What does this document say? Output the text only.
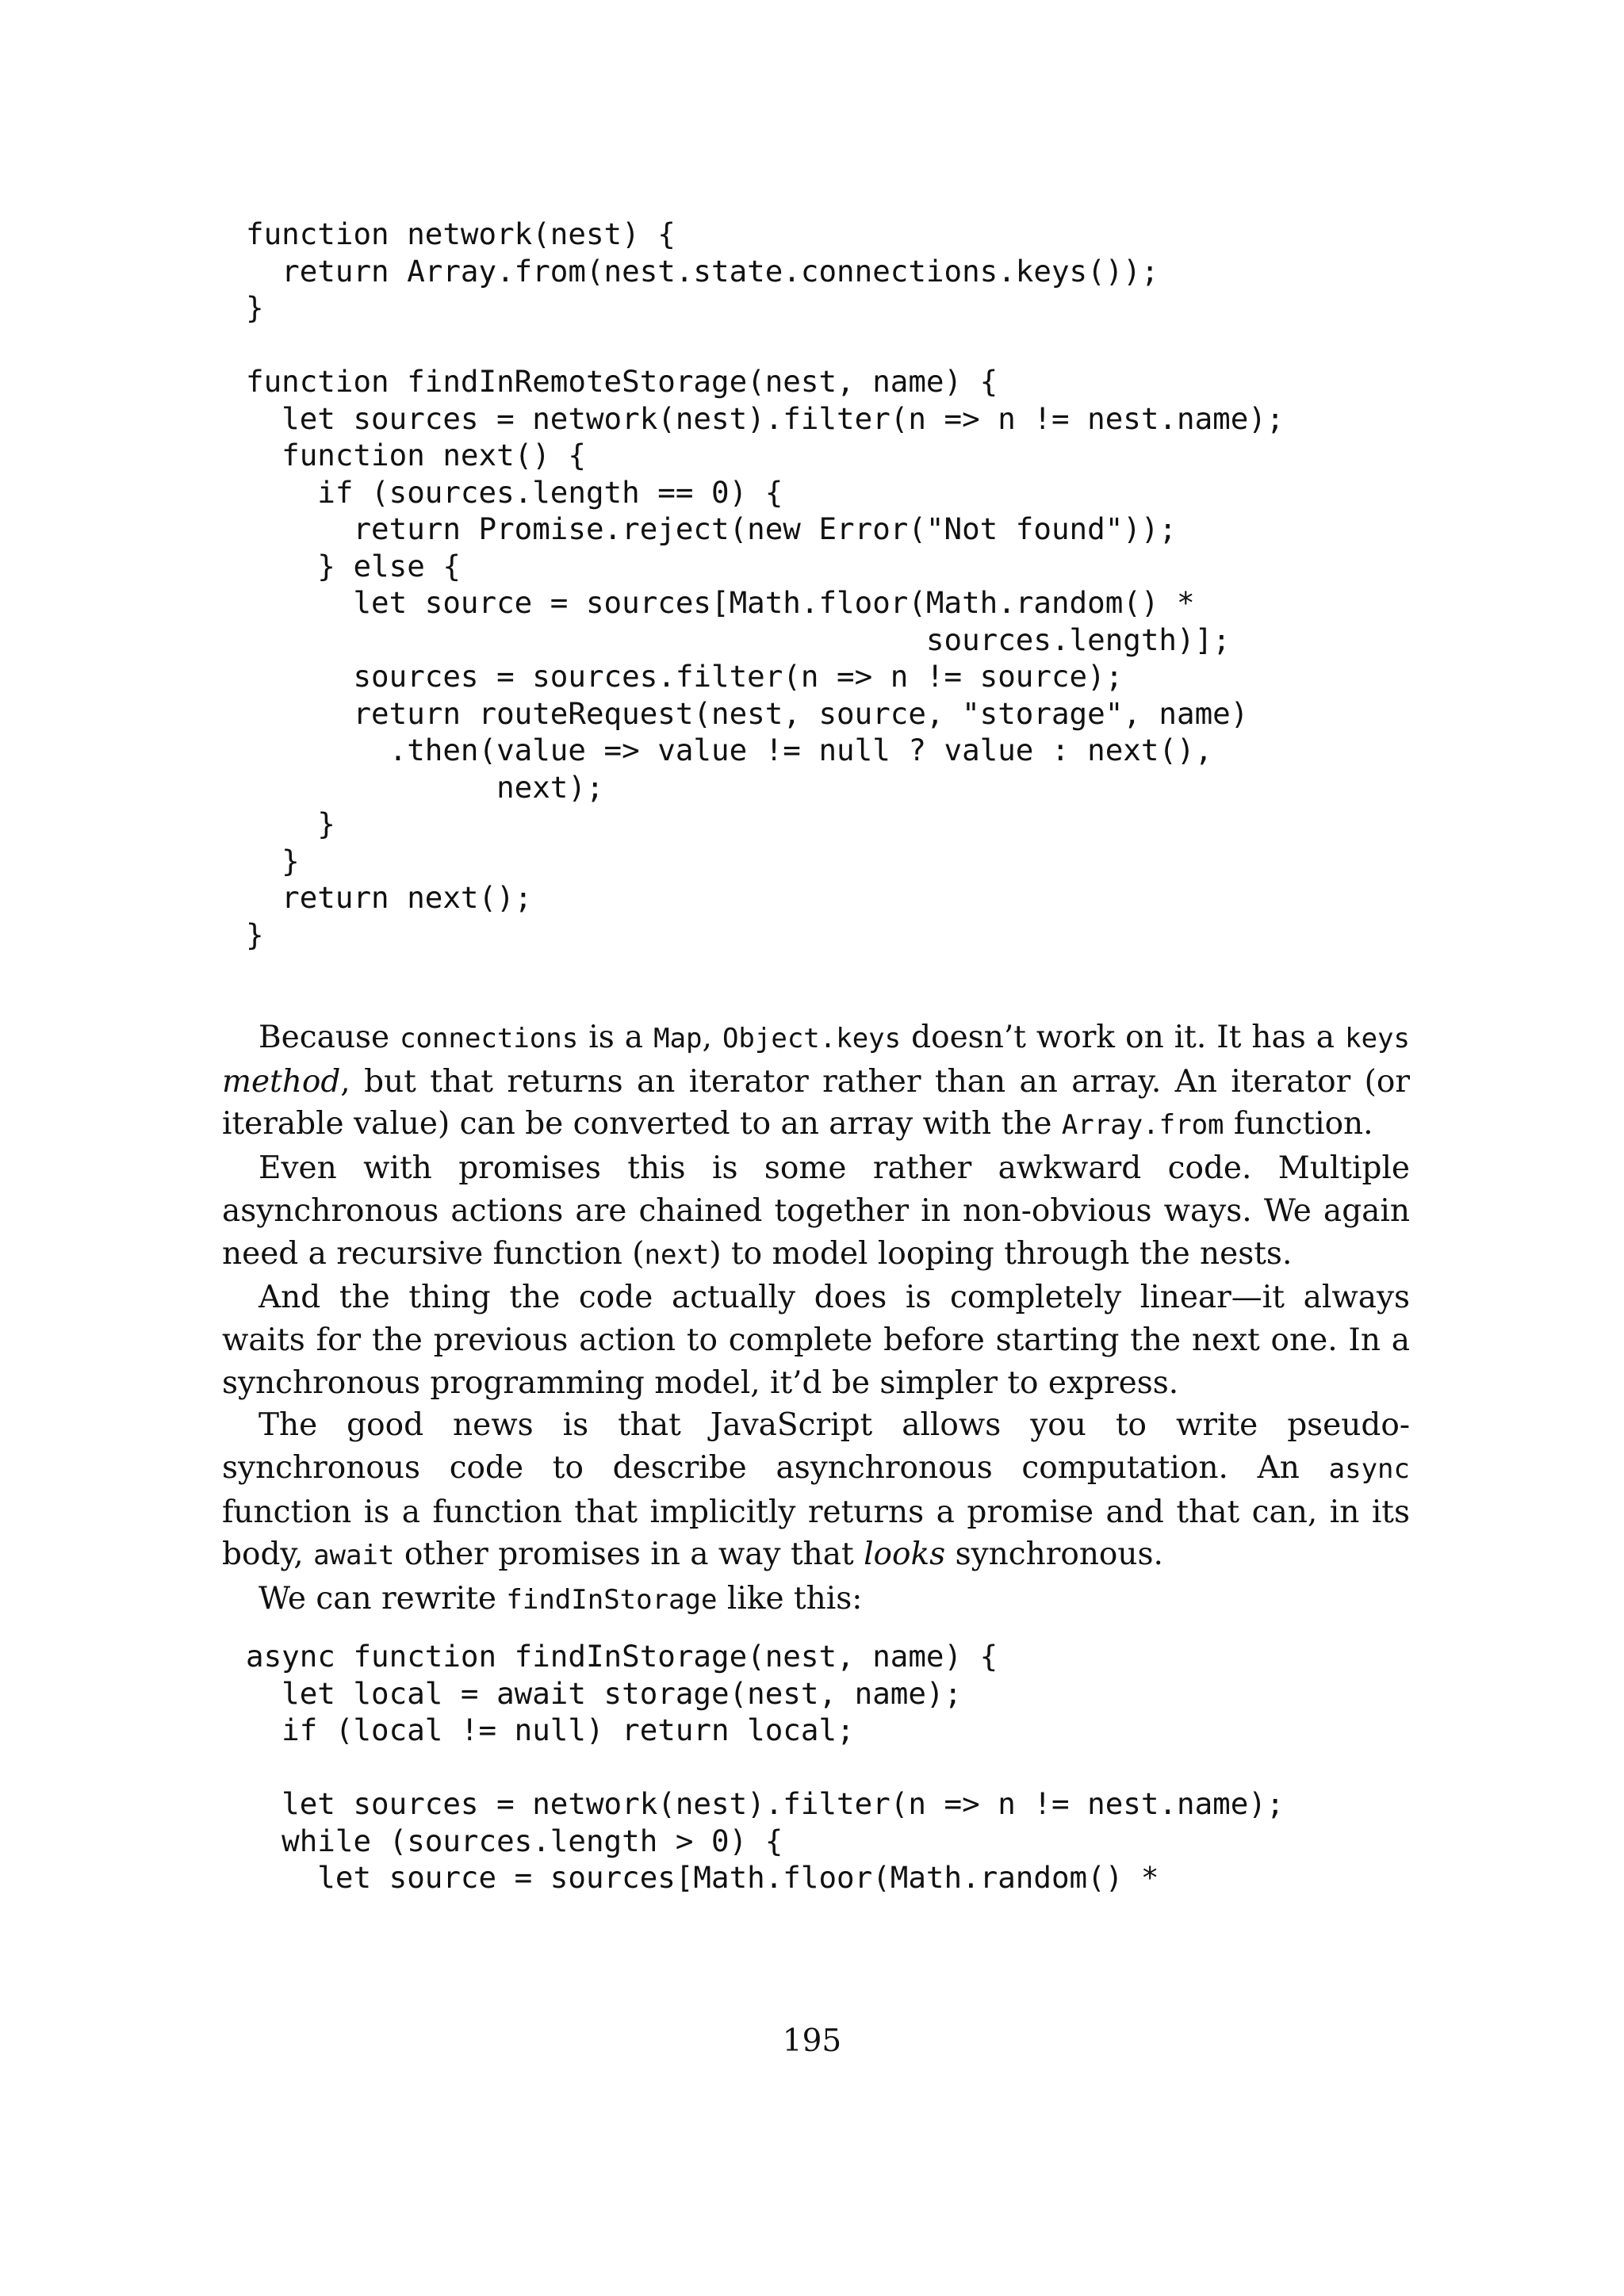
function network(nest) {
return Array.from(nest.state.connections.keys());
}
function findInRemoteStorage(nest, name) {
let sources = network(nest).filter(n => n != nest.name);
function next() {
if (sources.length == 0) {
return Promise.reject(new Error("Not found"));
} else {
let source = sources[Math.floor(Math.random() *
sources.length)];
sources = sources.filter(n => n != source);
return routeRequest(nest, source, "storage", name)
.then(value => value != null ? value : next(),
next);
}
}
return next();
}

Because connections is a Map, Object.keys doesn’t work on it. It has a keys method, but that returns an iterator rather than an array. An iterator (or iterable value) can be converted to an array with the Array.from function.

Even with promises this is some rather awkward code. Multiple asynchronous actions are chained together in non-obvious ways. We again need a recursive function (next) to model looping through the nests.

And the thing the code actually does is completely linear—it always waits for the previous action to complete before starting the next one. In a synchronous programming model, it’d be simpler to express.

The good news is that JavaScript allows you to write pseudo-synchronous code to describe asynchronous computation. An async function is a function that implicitly returns a promise and that can, in its body, await other promises in a way that looks synchronous.

We can rewrite findInStorage like this:

async function findInStorage(nest, name) {
let local = await storage(nest, name);
if (local != null) return local;
let sources = network(nest).filter(n => n != nest.name);
while (sources.length > 0) {
let source = sources[Math.floor(Math.random() *
195
